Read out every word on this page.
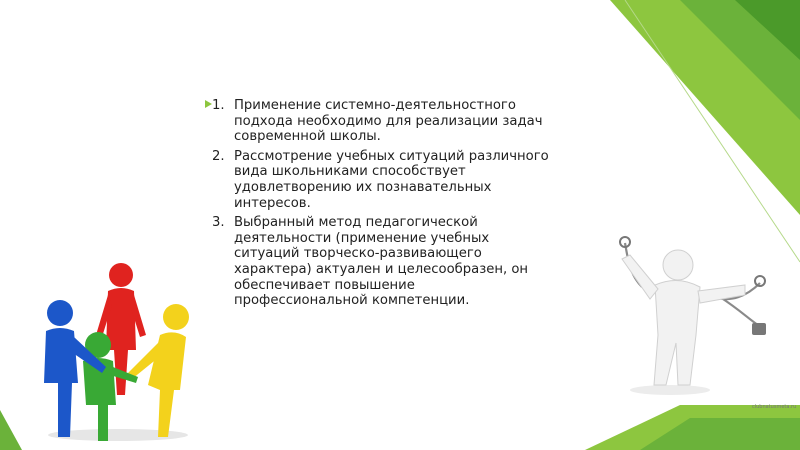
1. Применение системно-деятельностного
подхода необходимо для реализации задач
современной школы.
2. Рассмотрение учебных ситуаций различного
вида школьниками способствует
удовлетворению их познавательных
интересов.
3. Выбранный метод педагогической
деятельности (применение учебных
ситуаций творческо-развивающего
характера) актуален и целесообразен, он
обеспечивает повышение
профессиональной компетенции.
clubnatusmeta.ru
